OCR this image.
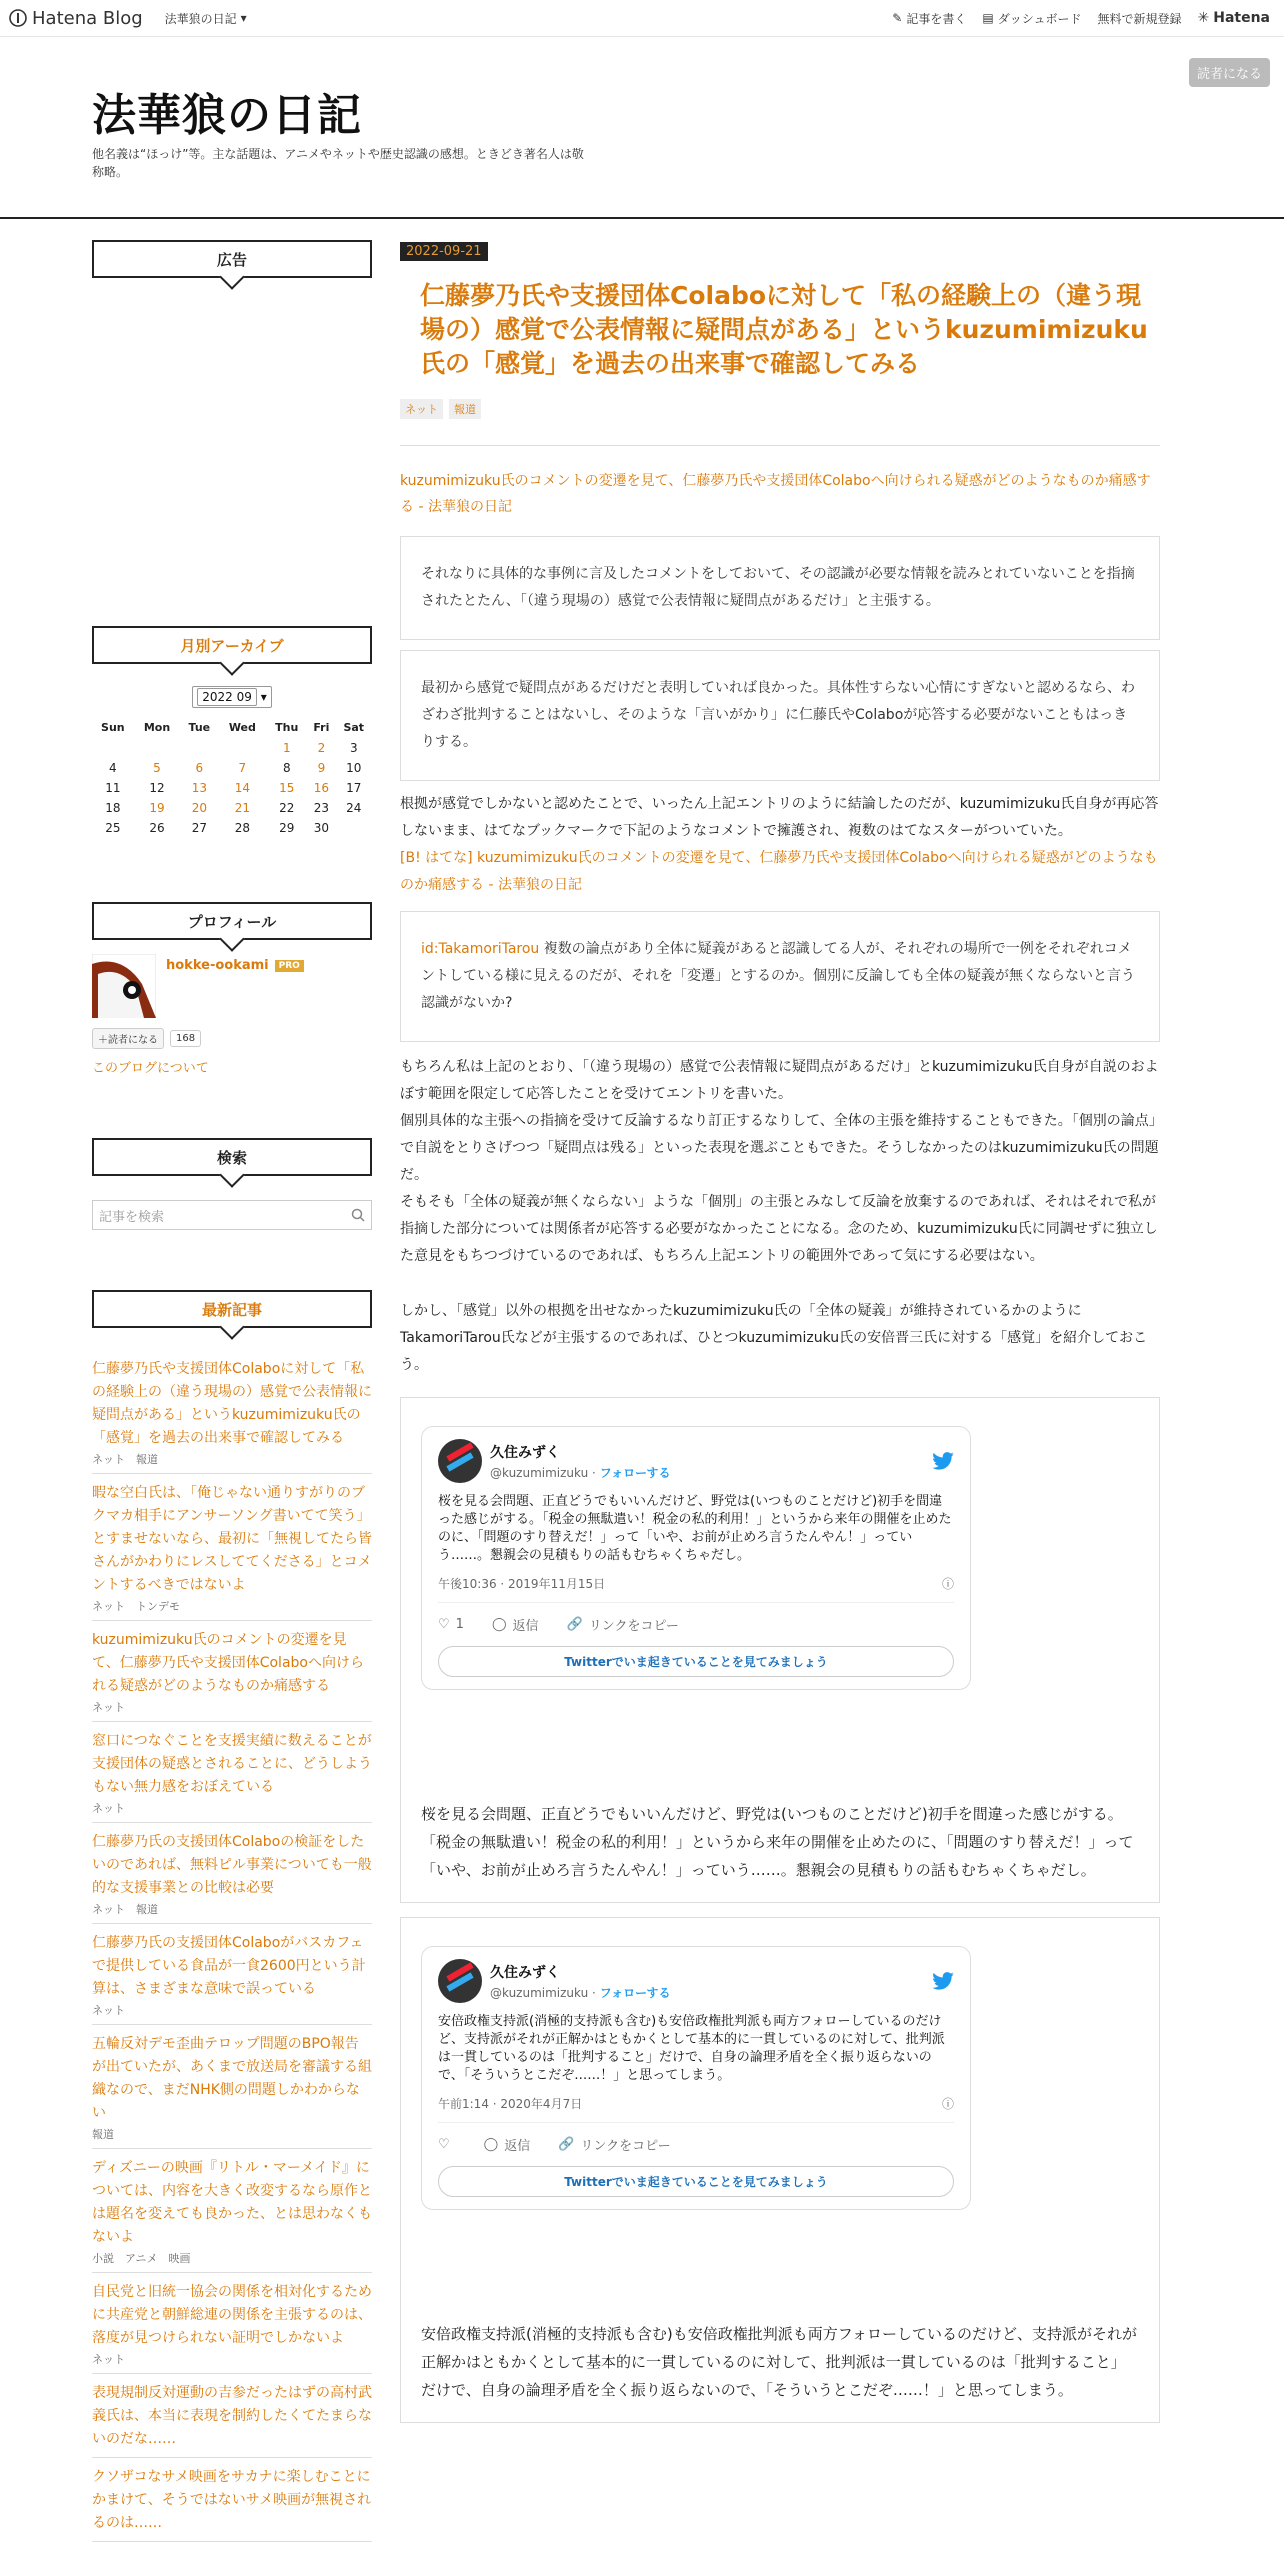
Hatena Blog 法華狼の日記 ▾	✎ 記事を書く ▤ ダッシュボード 無料で新規登録 ✳ Hatena
法華狼の日記
他名義は“ほっけ”等。主な話題は、アニメやネットや歴史認識の感想。ときどき著名人は敬称略。
読者になる
広告
月別アーカイブ
2022 09 ▾
Sun	Mon	Tue	Wed	Thu	Fri	Sat
				1	2	3
4	5	6	7	8	9	10
11	12	13	14	15	16	17
18	19	20	21	22	23	24
25	26	27	28	29	30	
プロフィール
hokke-ookami PRO
＋読者になる	168
このブログについて
検索
記事を検索
最新記事
仁藤夢乃氏や支援団体Colaboに対して「私の経験上の（違う現場の）感覚で公表情報に疑問点がある」というkuzumimizuku氏の「感覚」を過去の出来事で確認してみる
ネット　報道
暇な空白氏は、「俺じゃない通りすがりのブクマカ相手にアンサーソング書いてて笑う」とすませないなら、最初に「無視してたら皆さんがかわりにレスしててくださる」とコメントするべきではないよ
ネット　トンデモ
kuzumimizuku氏のコメントの変遷を見て、仁藤夢乃氏や支援団体Colaboへ向けられる疑惑がどのようなものか痛感する
ネット
窓口につなぐことを支援実績に数えることが支援団体の疑惑とされることに、どうしようもない無力感をおぼえている
ネット
仁藤夢乃氏の支援団体Colaboの検証をしたいのであれば、無料ピル事業についても一般的な支援事業との比較は必要
ネット　報道
仁藤夢乃氏の支援団体Colaboがバスカフェで提供している食品が一食2600円という計算は、さまざまな意味で誤っている
ネット
五輪反対デモ歪曲テロップ問題のBPO報告が出ていたが、あくまで放送局を審議する組織なので、まだNHK側の問題しかわからない
報道
ディズニーの映画『リトル・マーメイド』については、内容を大きく改変するなら原作とは題名を変えても良かった、とは思わなくもないよ
小説　アニメ　映画
自民党と旧統一協会の関係を相対化するために共産党と朝鮮総連の関係を主張するのは、落度が見つけられない証明でしかないよ
ネット
表現規制反対運動の吉参だったはずの高村武義氏は、本当に表現を制約したくてたまらないのだな……
クソザコなサメ映画をサカナに楽しむことにかまけて、そうではないサメ映画が無視されるのは……
2022-09-21
仁藤夢乃氏や支援団体Colaboに対して「私の経験上の（違う現場の）感覚で公表情報に疑問点がある」というkuzumimizuku氏の「感覚」を過去の出来事で確認してみる
ネット	報道
kuzumimizuku氏のコメントの変遷を見て、仁藤夢乃氏や支援団体Colaboへ向けられる疑惑がどのようなものか痛感する - 法華狼の日記
それなりに具体的な事例に言及したコメントをしておいて、その認識が必要な情報を読みとれていないことを指摘されたとたん、「（違う現場の）感覚で公表情報に疑問点があるだけ」と主張する。
最初から感覚で疑問点があるだけだと表明していれば良かった。具体性すらない心情にすぎないと認めるなら、わざわざ批判することはないし、そのような「言いがかり」に仁藤氏やColaboが応答する必要がないこともはっきりする。
根拠が感覚でしかないと認めたことで、いったん上記エントリのように結論したのだが、kuzumimizuku氏自身が再応答しないまま、はてなブックマークで下記のようなコメントで擁護され、複数のはてなスターがついていた。
[B! はてな] kuzumimizuku氏のコメントの変遷を見て、仁藤夢乃氏や支援団体Colaboへ向けられる疑惑がどのようなものか痛感する - 法華狼の日記
id:TakamoriTarou 複数の論点があり全体に疑義があると認識してる人が、それぞれの場所で一例をそれぞれコメントしている様に見えるのだが、それを「変遷」とするのか。個別に反論しても全体の疑義が無くならないと言う認識がないか?
もちろん私は上記のとおり、「（違う現場の）感覚で公表情報に疑問点があるだけ」とkuzumimizuku氏自身が自説のおよぼす範囲を限定して応答したことを受けてエントリを書いた。
個別具体的な主張への指摘を受けて反論するなり訂正するなりして、全体の主張を維持することもできた。「個別の論点」で自説をとりさげつつ「疑問点は残る」といった表現を選ぶこともできた。そうしなかったのはkuzumimizuku氏の問題だ。
そもそも「全体の疑義が無くならない」ような「個別」の主張とみなして反論を放棄するのであれば、それはそれで私が指摘した部分については関係者が応答する必要がなかったことになる。念のため、kuzumimizuku氏に同調せずに独立した意見をもちつづけているのであれば、もちろん上記エントリの範囲外であって気にする必要はない。
しかし、「感覚」以外の根拠を出せなかったkuzumimizuku氏の「全体の疑義」が維持されているかのようにTakamoriTarou氏などが主張するのであれば、ひとつkuzumimizuku氏の安倍晋三氏に対する「感覚」を紹介しておこう。
久住みずく
@kuzumimizuku · フォローする
桜を見る会問題、正直どうでもいいんだけど、野党は(いつものことだけど)初手を間違った感じがする。「税金の無駄遣い！税金の私的利用！」というから来年の開催を止めたのに、「問題のすり替えだ！」って「いや、お前が止めろ言うたんやん！」っていう……。懇親会の見積もりの話もむちゃくちゃだし。
午後10:36 · 2019年11月15日	ⓘ
♡ 1 ◯ 返信 🔗 リンクをコピー
Twitterでいま起きていることを見てみましょう
桜を見る会問題、正直どうでもいいんだけど、野党は(いつものことだけど)初手を間違った感じがする。「税金の無駄遣い！税金の私的利用！」というから来年の開催を止めたのに、「問題のすり替えだ！」って「いや、お前が止めろ言うたんやん！」っていう……。懇親会の見積もりの話もむちゃくちゃだし。
久住みずく
@kuzumimizuku · フォローする
安倍政権支持派(消極的支持派も含む)も安倍政権批判派も両方フォローしているのだけど、支持派がそれが正解かはともかくとして基本的に一貫しているのに対して、批判派は一貫しているのは「批判すること」だけで、自身の論理矛盾を全く振り返らないので、「そういうとこだぞ……！」と思ってしまう。
午前1:14 · 2020年4月7日	ⓘ
♡	◯ 返信 🔗 リンクをコピー
Twitterでいま起きていることを見てみましょう
安倍政権支持派(消極的支持派も含む)も安倍政権批判派も両方フォローしているのだけど、支持派がそれが正解かはともかくとして基本的に一貫しているのに対して、批判派は一貫しているのは「批判すること」だけで、自身の論理矛盾を全く振り返らないので、「そういうとこだぞ……！」と思ってしまう。
